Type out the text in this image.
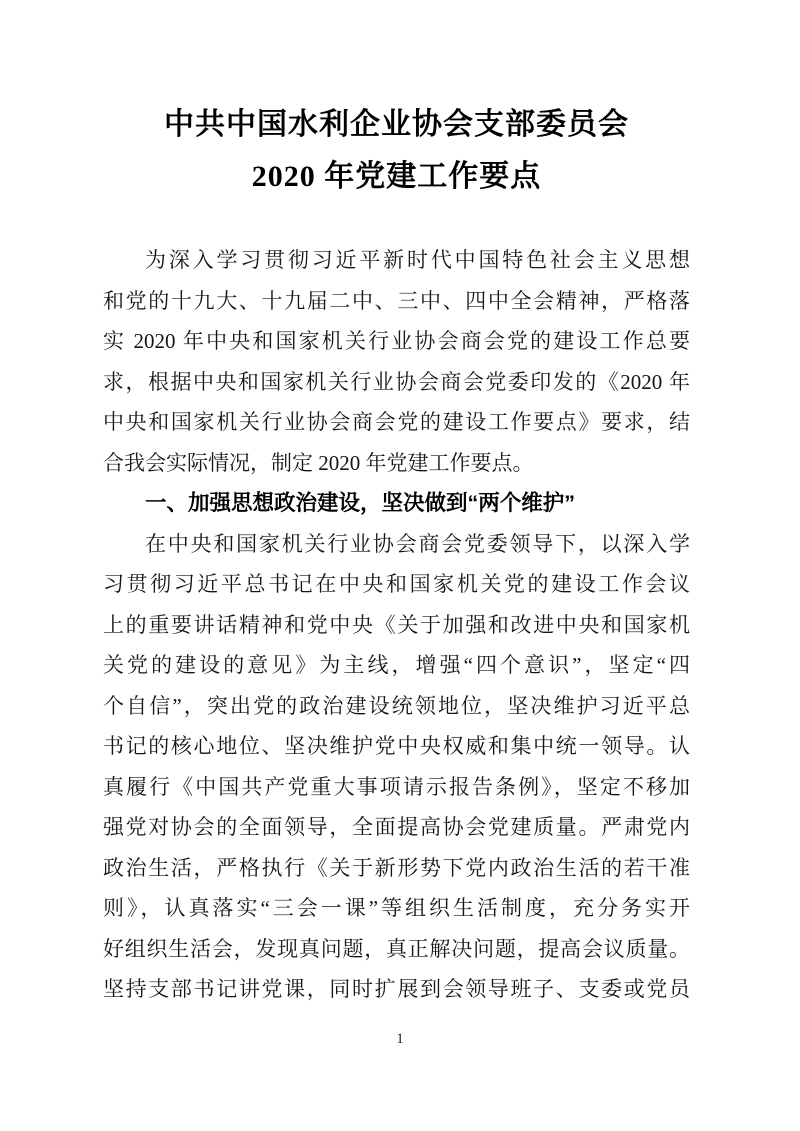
中共中国水利企业协会支部委员会
2020 年党建工作要点
为深入学习贯彻习近平新时代中国特色社会主义思想
和党的十九大、十九届二中、三中、四中全会精神，严格落
实 2020 年中央和国家机关行业协会商会党的建设工作总要
求，根据中央和国家机关行业协会商会党委印发的《2020 年
中央和国家机关行业协会商会党的建设工作要点》要求，结
合我会实际情况，制定 2020 年党建工作要点。
一、加强思想政治建设，坚决做到“两个维护”
在中央和国家机关行业协会商会党委领导下，以深入学
习贯彻习近平总书记在中央和国家机关党的建设工作会议
上的重要讲话精神和党中央《关于加强和改进中央和国家机
关党的建设的意见》为主线，增强“四个意识”，坚定“四
个自信”，突出党的政治建设统领地位，坚决维护习近平总
书记的核心地位、坚决维护党中央权威和集中统一领导。认
真履行《中国共产党重大事项请示报告条例》，坚定不移加
强党对协会的全面领导，全面提高协会党建质量。严肃党内
政治生活，严格执行《关于新形势下党内政治生活的若干准
则》，认真落实“三会一课”等组织生活制度，充分务实开
好组织生活会，发现真问题，真正解决问题，提高会议质量。
坚持支部书记讲党课，同时扩展到会领导班子、支委或党员
1
